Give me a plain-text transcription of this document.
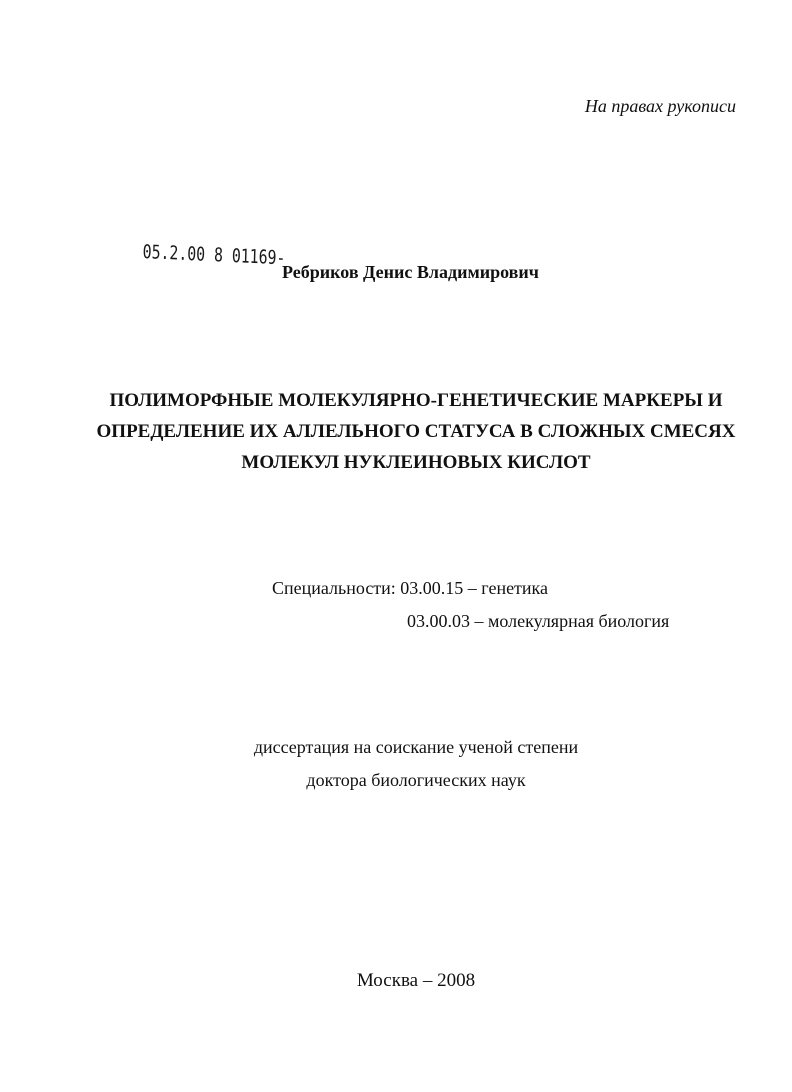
На правах рукописи
05.2.00 8 01169-
Ребриков Денис Владимирович
ПОЛИМОРФНЫЕ МОЛЕКУЛЯРНО-ГЕНЕТИЧЕСКИЕ МАРКЕРЫ И
ОПРЕДЕЛЕНИЕ ИХ АЛЛЕЛЬНОГО СТАТУСА В СЛОЖНЫХ СМЕСЯХ
МОЛЕКУЛ НУКЛЕИНОВЫХ КИСЛОТ
Специальности: 03.00.15 – генетика
03.00.03 – молекулярная биология
диссертация на соискание ученой степени
доктора биологических наук
Москва – 2008
